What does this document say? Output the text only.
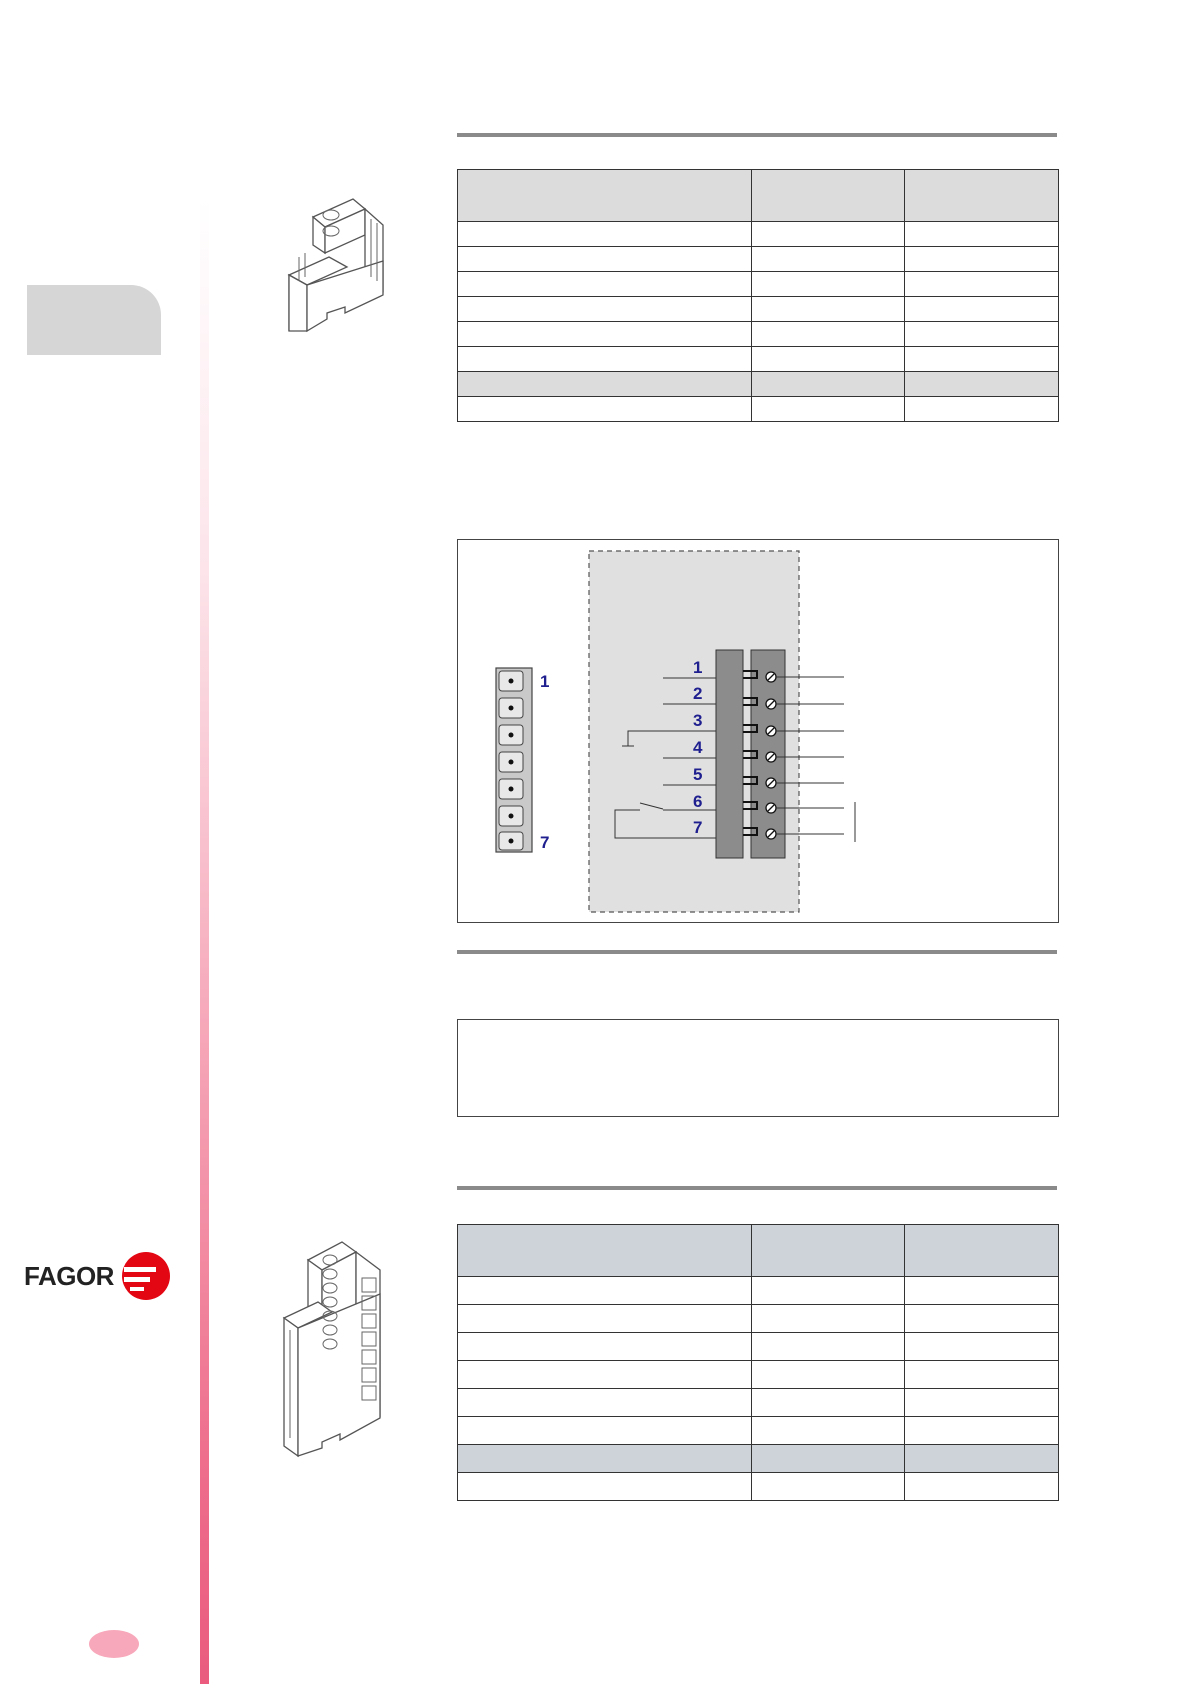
FAGOR

1
7
1
2
3
4
5
6
7
